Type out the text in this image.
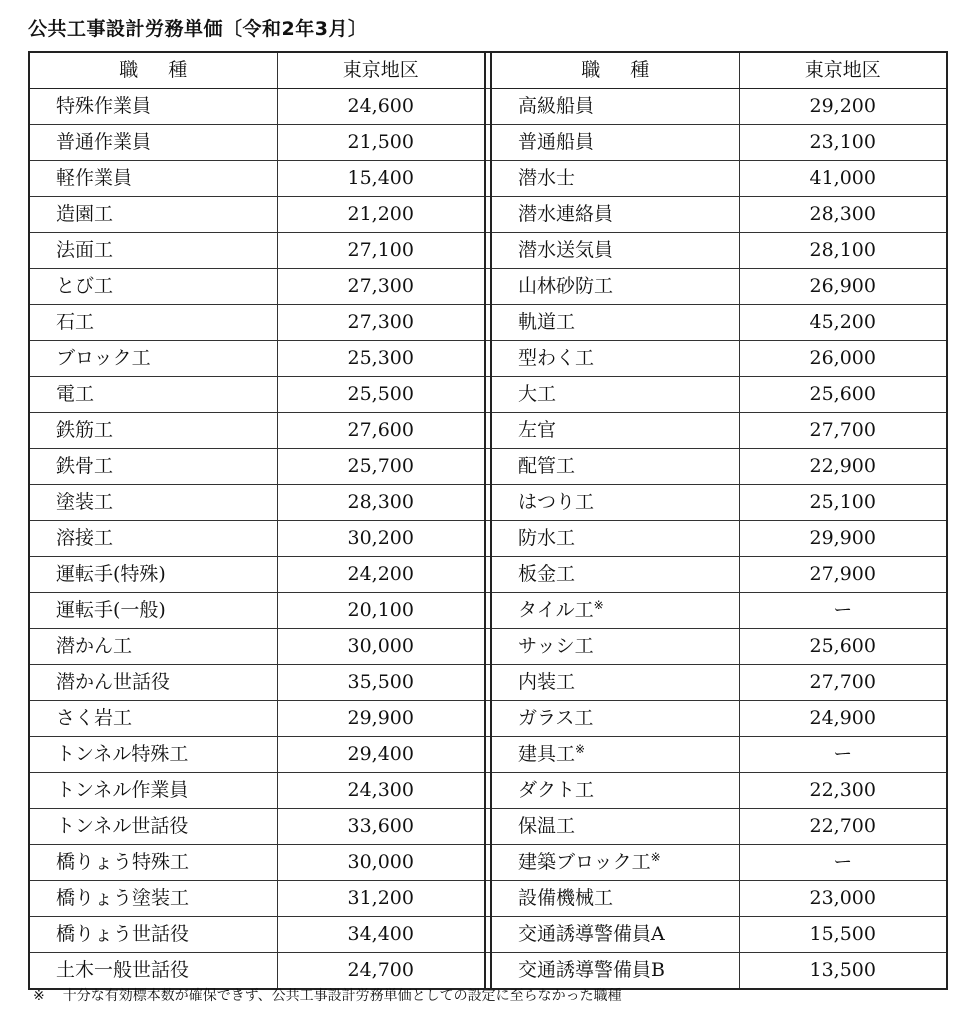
公共工事設計労務単価〔令和2年3月〕
職種	東京地区		職種	東京地区
特殊作業員	24,600		高級船員	29,200
普通作業員	21,500		普通船員	23,100
軽作業員	15,400		潜水士	41,000
造園工	21,200		潜水連絡員	28,300
法面工	27,100		潜水送気員	28,100
とび工	27,300		山林砂防工	26,900
石工	27,300		軌道工	45,200
ブロック工	25,300		型わく工	26,000
電工	25,500		大工	25,600
鉄筋工	27,600		左官	27,700
鉄骨工	25,700		配管工	22,900
塗装工	28,300		はつり工	25,100
溶接工	30,200		防水工	29,900
運転手(特殊)	24,200		板金工	27,900
運転手(一般)	20,100		タイル工※	ー
潜かん工	30,000		サッシ工	25,600
潜かん世話役	35,500		内装工	27,700
さく岩工	29,900		ガラス工	24,900
トンネル特殊工	29,400		建具工※	ー
トンネル作業員	24,300		ダクト工	22,300
トンネル世話役	33,600		保温工	22,700
橋りょう特殊工	30,000		建築ブロック工※	ー
橋りょう塗装工	31,200		設備機械工	23,000
橋りょう世話役	34,400		交通誘導警備員A	15,500
土木一般世話役	24,700		交通誘導警備員B	13,500
※ 十分な有効標本数が確保できず、公共工事設計労務単価としての設定に至らなかった職種
